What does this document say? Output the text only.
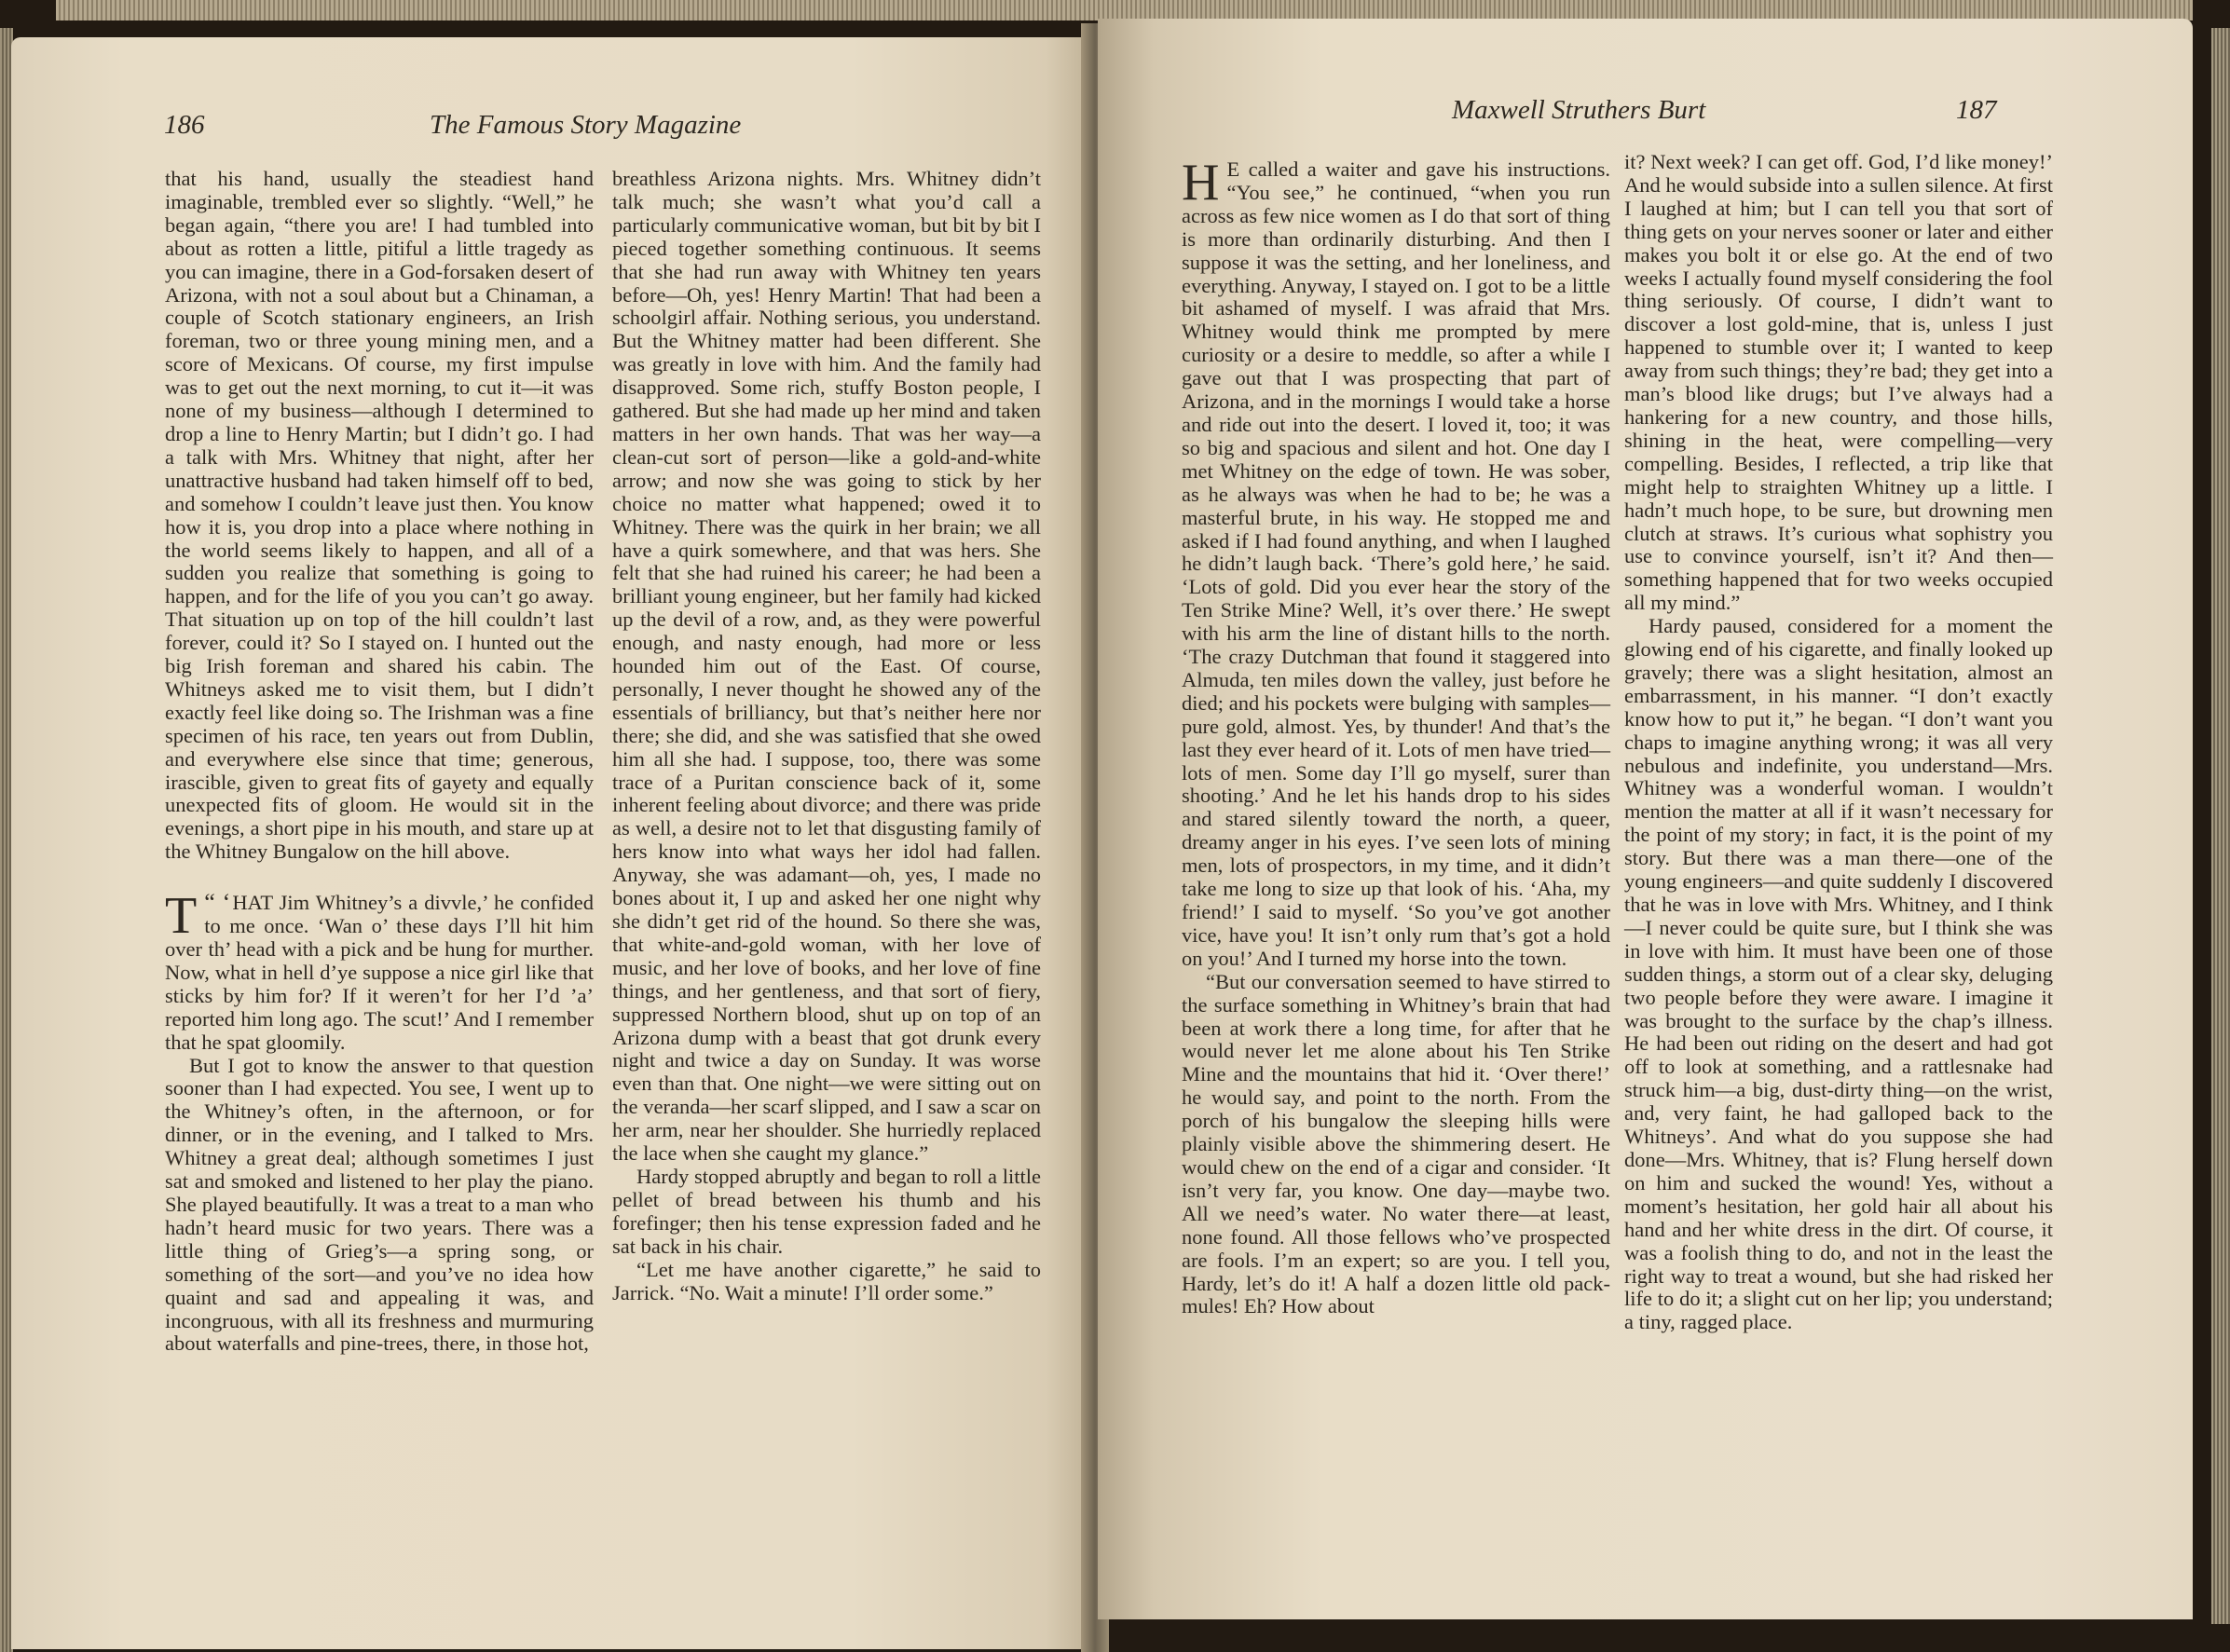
186	The Famous Story Magazine

that his hand, usually the steadiest hand imaginable, trembled ever so slightly. “Well,” he began again, “there you are! I had tumbled into about as rotten a little, pitiful a little tragedy as you can imagine, there in a God-forsaken desert of Arizona, with not a soul about but a Chinaman, a couple of Scotch stationary engineers, an Irish foreman, two or three young mining men, and a score of Mexicans. Of course, my first impulse was to get out the next morning, to cut it—it was none of my business—although I determined to drop a line to Henry Martin; but I didn’t go. I had a talk with Mrs. Whitney that night, after her unattractive husband had taken himself off to bed, and somehow I couldn’t leave just then. You know how it is, you drop into a place where nothing in the world seems likely to happen, and all of a sudden you realize that something is going to happen, and for the life of you you can’t go away. That situation up on top of the hill couldn’t last forever, could it? So I stayed on. I hunted out the big Irish foreman and shared his cabin. The Whitneys asked me to visit them, but I didn’t exactly feel like doing so. The Irishman was a fine specimen of his race, ten years out from Dublin, and everywhere else since that time; generous, irascible, given to great fits of gayety and equally unexpected fits of gloom. He would sit in the evenings, a short pipe in his mouth, and stare up at the Whitney Bungalow on the hill above.

“ ‘
T HAT Jim Whitney’s a divvle,’ he confided to me once. ‘Wan o’ these days I’ll hit him over th’ head with a pick and be hung for murther. Now, what in hell d’ye suppose a nice girl like that sticks by him for? If it weren’t for her I’d ’a’ reported him long ago. The scut!’ And I remember that he spat gloomily.

But I got to know the answer to that question sooner than I had expected. You see, I went up to the Whitney’s often, in the afternoon, or for dinner, or in the evening, and I talked to Mrs. Whitney a great deal; although sometimes I just sat and smoked and listened to her play the piano. She played beautifully. It was a treat to a man who hadn’t heard music for two years. There was a little thing of Grieg’s—a spring song, or something of the sort—and you’ve no idea how quaint and sad and appealing it was, and incongruous, with all its freshness and murmuring about waterfalls and pine-trees, there, in those hot,

breathless Arizona nights. Mrs. Whitney didn’t talk much; she wasn’t what you’d call a particularly communicative woman, but bit by bit I pieced together something continuous. It seems that she had run away with Whitney ten years before—Oh, yes! Henry Martin! That had been a schoolgirl affair. Nothing serious, you understand. But the Whitney matter had been different. She was greatly in love with him. And the family had disapproved. Some rich, stuffy Boston people, I gathered. But she had made up her mind and taken matters in her own hands. That was her way—a clean-cut sort of person—like a gold-and-white arrow; and now she was going to stick by her choice no matter what happened; owed it to Whitney. There was the quirk in her brain; we all have a quirk somewhere, and that was hers. She felt that she had ruined his career; he had been a brilliant young engineer, but her family had kicked up the devil of a row, and, as they were powerful enough, and nasty enough, had more or less hounded him out of the East. Of course, personally, I never thought he showed any of the essentials of brilliancy, but that’s neither here nor there; she did, and she was satisfied that she owed him all she had. I suppose, too, there was some trace of a Puritan conscience back of it, some inherent feeling about divorce; and there was pride as well, a desire not to let that disgusting family of hers know into what ways her idol had fallen. Anyway, she was adamant—oh, yes, I made no bones about it, I up and asked her one night why she didn’t get rid of the hound. So there she was, that white-and-gold woman, with her love of music, and her love of books, and her love of fine things, and her gentleness, and that sort of fiery, suppressed Northern blood, shut up on top of an Arizona dump with a beast that got drunk every night and twice a day on Sunday. It was worse even than that. One night—we were sitting out on the veranda—her scarf slipped, and I saw a scar on her arm, near her shoulder. She hurriedly replaced the lace when she caught my glance.”

Hardy stopped abruptly and began to roll a little pellet of bread between his thumb and his forefinger; then his tense expression faded and he sat back in his chair.

“Let me have another cigarette,” he said to Jarrick. “No. Wait a minute! I’ll order some.”

Maxwell Struthers Burt	187

H E called a waiter and gave his instructions. “You see,” he continued, “when you run across as few nice women as I do that sort of thing is more than ordinarily disturbing. And then I suppose it was the setting, and her loneliness, and everything. Anyway, I stayed on. I got to be a little bit ashamed of myself. I was afraid that Mrs. Whitney would think me prompted by mere curiosity or a desire to meddle, so after a while I gave out that I was prospecting that part of Arizona, and in the mornings I would take a horse and ride out into the desert. I loved it, too; it was so big and spacious and silent and hot. One day I met Whitney on the edge of town. He was sober, as he always was when he had to be; he was a masterful brute, in his way. He stopped me and asked if I had found anything, and when I laughed he didn’t laugh back. ‘There’s gold here,’ he said. ‘Lots of gold. Did you ever hear the story of the Ten Strike Mine? Well, it’s over there.’ He swept with his arm the line of distant hills to the north. ‘The crazy Dutchman that found it staggered into Almuda, ten miles down the valley, just before he died; and his pockets were bulging with samples—pure gold, almost. Yes, by thunder! And that’s the last they ever heard of it. Lots of men have tried—lots of men. Some day I’ll go myself, surer than shooting.’ And he let his hands drop to his sides and stared silently toward the north, a queer, dreamy anger in his eyes. I’ve seen lots of mining men, lots of prospectors, in my time, and it didn’t take me long to size up that look of his. ‘Aha, my friend!’ I said to myself. ‘So you’ve got another vice, have you! It isn’t only rum that’s got a hold on you!’ And I turned my horse into the town.

“But our conversation seemed to have stirred to the surface something in Whitney’s brain that had been at work there a long time, for after that he would never let me alone about his Ten Strike Mine and the mountains that hid it. ‘Over there!’ he would say, and point to the north. From the porch of his bungalow the sleeping hills were plainly visible above the shimmering desert. He would chew on the end of a cigar and consider. ‘It isn’t very far, you know. One day—maybe two. All we need’s water. No water there—at least, none found. All those fellows who’ve prospected are fools. I’m an expert; so are you. I tell you, Hardy, let’s do it! A half a dozen little old pack-mules! Eh? How about

it? Next week? I can get off. God, I’d like money!’ And he would subside into a sullen silence. At first I laughed at him; but I can tell you that sort of thing gets on your nerves sooner or later and either makes you bolt it or else go. At the end of two weeks I actually found myself considering the fool thing seriously. Of course, I didn’t want to discover a lost gold-mine, that is, unless I just happened to stumble over it; I wanted to keep away from such things; they’re bad; they get into a man’s blood like drugs; but I’ve always had a hankering for a new country, and those hills, shining in the heat, were compelling—very compelling. Besides, I reflected, a trip like that might help to straighten Whitney up a little. I hadn’t much hope, to be sure, but drowning men clutch at straws. It’s curious what sophistry you use to convince yourself, isn’t it? And then—something happened that for two weeks occupied all my mind.”

Hardy paused, considered for a moment the glowing end of his cigarette, and finally looked up gravely; there was a slight hesitation, almost an embarrassment, in his manner. “I don’t exactly know how to put it,” he began. “I don’t want you chaps to imagine anything wrong; it was all very nebulous and indefinite, you understand—Mrs. Whitney was a wonderful woman. I wouldn’t mention the matter at all if it wasn’t necessary for the point of my story; in fact, it is the point of my story. But there was a man there—one of the young engineers—and quite suddenly I discovered that he was in love with Mrs. Whitney, and I think—I never could be quite sure, but I think she was in love with him. It must have been one of those sudden things, a storm out of a clear sky, deluging two people before they were aware. I imagine it was brought to the surface by the chap’s illness. He had been out riding on the desert and had got off to look at something, and a rattlesnake had struck him—a big, dust-dirty thing—on the wrist, and, very faint, he had galloped back to the Whitneys’. And what do you suppose she had done—Mrs. Whitney, that is? Flung herself down on him and sucked the wound! Yes, without a moment’s hesitation, her gold hair all about his hand and her white dress in the dirt. Of course, it was a foolish thing to do, and not in the least the right way to treat a wound, but she had risked her life to do it; a slight cut on her lip; you understand; a tiny, ragged place.
